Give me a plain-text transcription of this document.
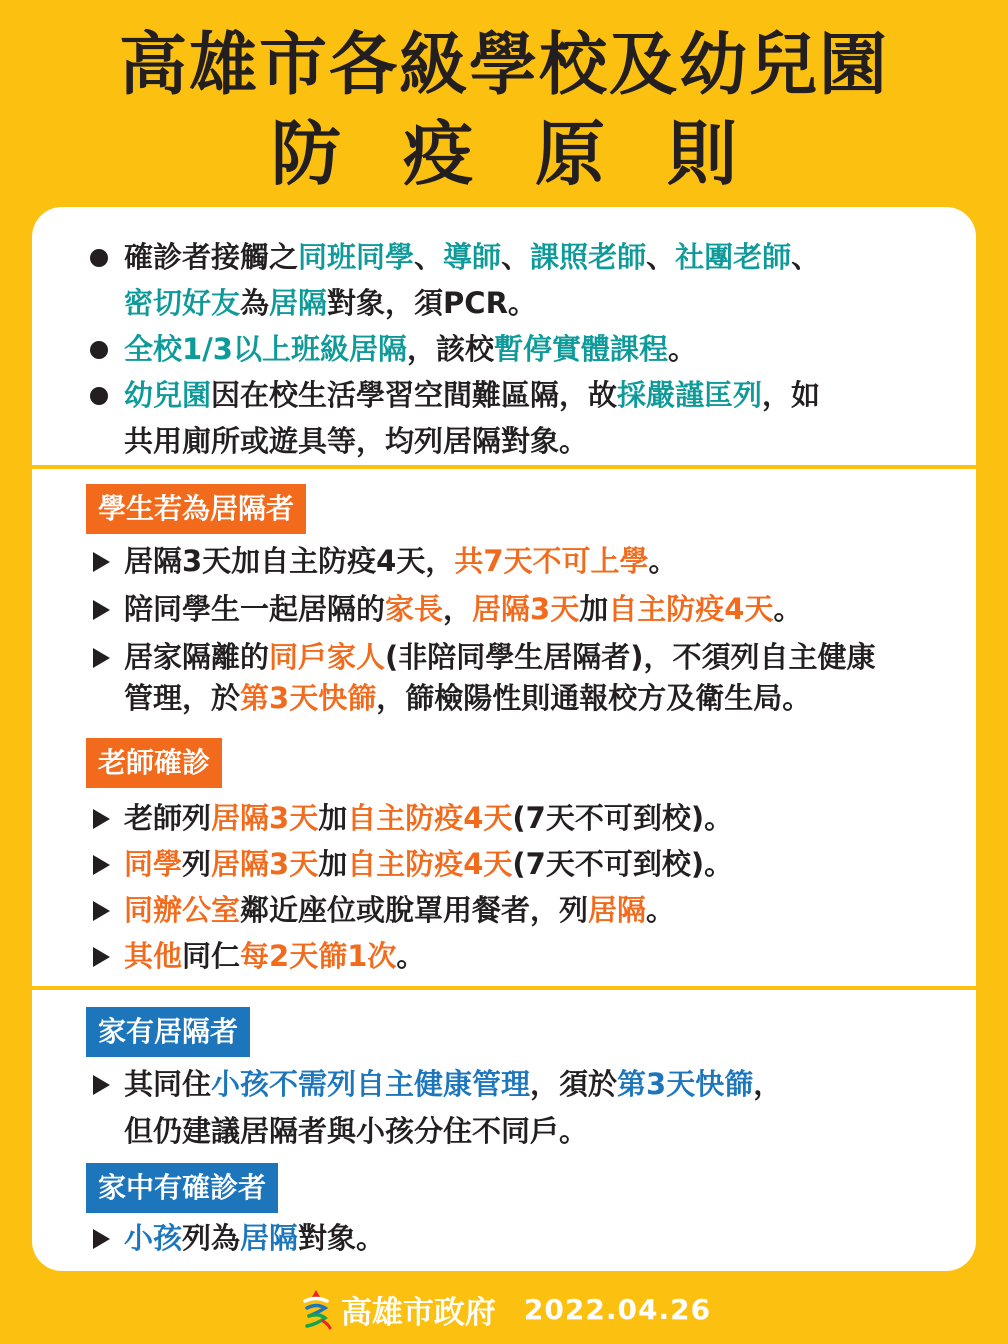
高雄市各級學校及幼兒園
防疫原則
確診者接觸之同班同學、導師、課照老師、社團老師、
密切好友為居隔對象，須PCR。
全校1/3以上班級居隔，該校暫停實體課程。
幼兒園因在校生活學習空間難區隔，故採嚴謹匡列，如
共用廁所或遊具等，均列居隔對象。
學生若為居隔者
居隔3天加自主防疫4天，共7天不可上學。
陪同學生一起居隔的家長，居隔3天加自主防疫4天。
居家隔離的同戶家人(非陪同學生居隔者)，不須列自主健康
管理，於第3天快篩，篩檢陽性則通報校方及衛生局。
老師確診
老師列居隔3天加自主防疫4天(7天不可到校)。
同學列居隔3天加自主防疫4天(7天不可到校)。
同辦公室鄰近座位或脫罩用餐者，列居隔。
其他同仁每2天篩1次。
家有居隔者
其同住小孩不需列自主健康管理，須於第3天快篩，
但仍建議居隔者與小孩分住不同戶。
家中有確診者
小孩列為居隔對象。
高雄市政府 2022.04.26
